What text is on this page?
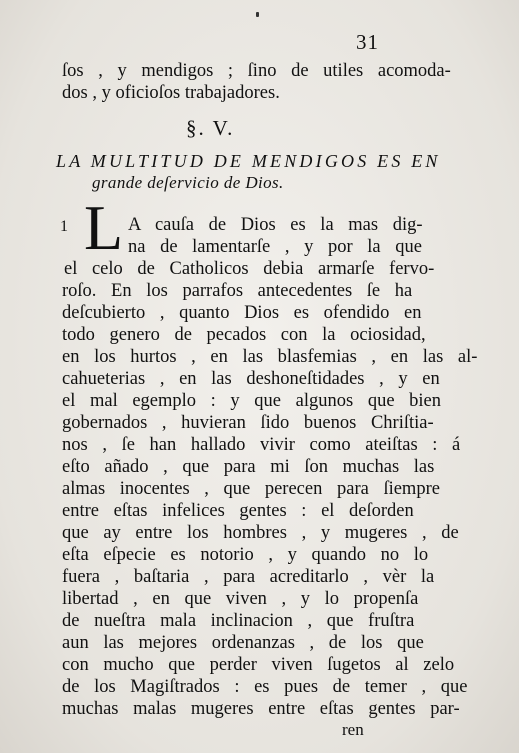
31
ſos , y mendigos ; ſino de utiles acomoda-
dos , y oficioſos trabajadores.
§. V.
LA MULTITUD DE MENDIGOS ES EN
grande deſervicio de Dios.
1 L A cauſa de Dios es la mas dig-
na de lamentarſe , y por la que
el celo de Catholicos debia armarſe fervo-
roſo. En los parrafos antecedentes ſe ha
deſcubierto , quanto Dios es ofendido en
todo genero de pecados con la ociosidad,
en los hurtos , en las blasfemias , en las al-
cahueterias , en las deshoneſtidades , y en
el mal egemplo : y que algunos que bien
gobernados , huvieran ſido buenos Chriſtia-
nos , ſe han hallado vivir como ateiſtas : á
eſto añado , que para mi ſon muchas las
almas inocentes , que perecen para ſiempre
entre eſtas infelices gentes : el deſorden
que ay entre los hombres , y mugeres , de
eſta eſpecie es notorio , y quando no lo
fuera , baſtaria , para acreditarlo , vèr la
libertad , en que viven , y lo propenſa
de nueſtra mala inclinacion , que fruſtra
aun las mejores ordenanzas , de los que
con mucho que perder viven ſugetos al zelo
de los Magiſtrados : es pues de temer , que
muchas malas mugeres entre eſtas gentes par-
ren
